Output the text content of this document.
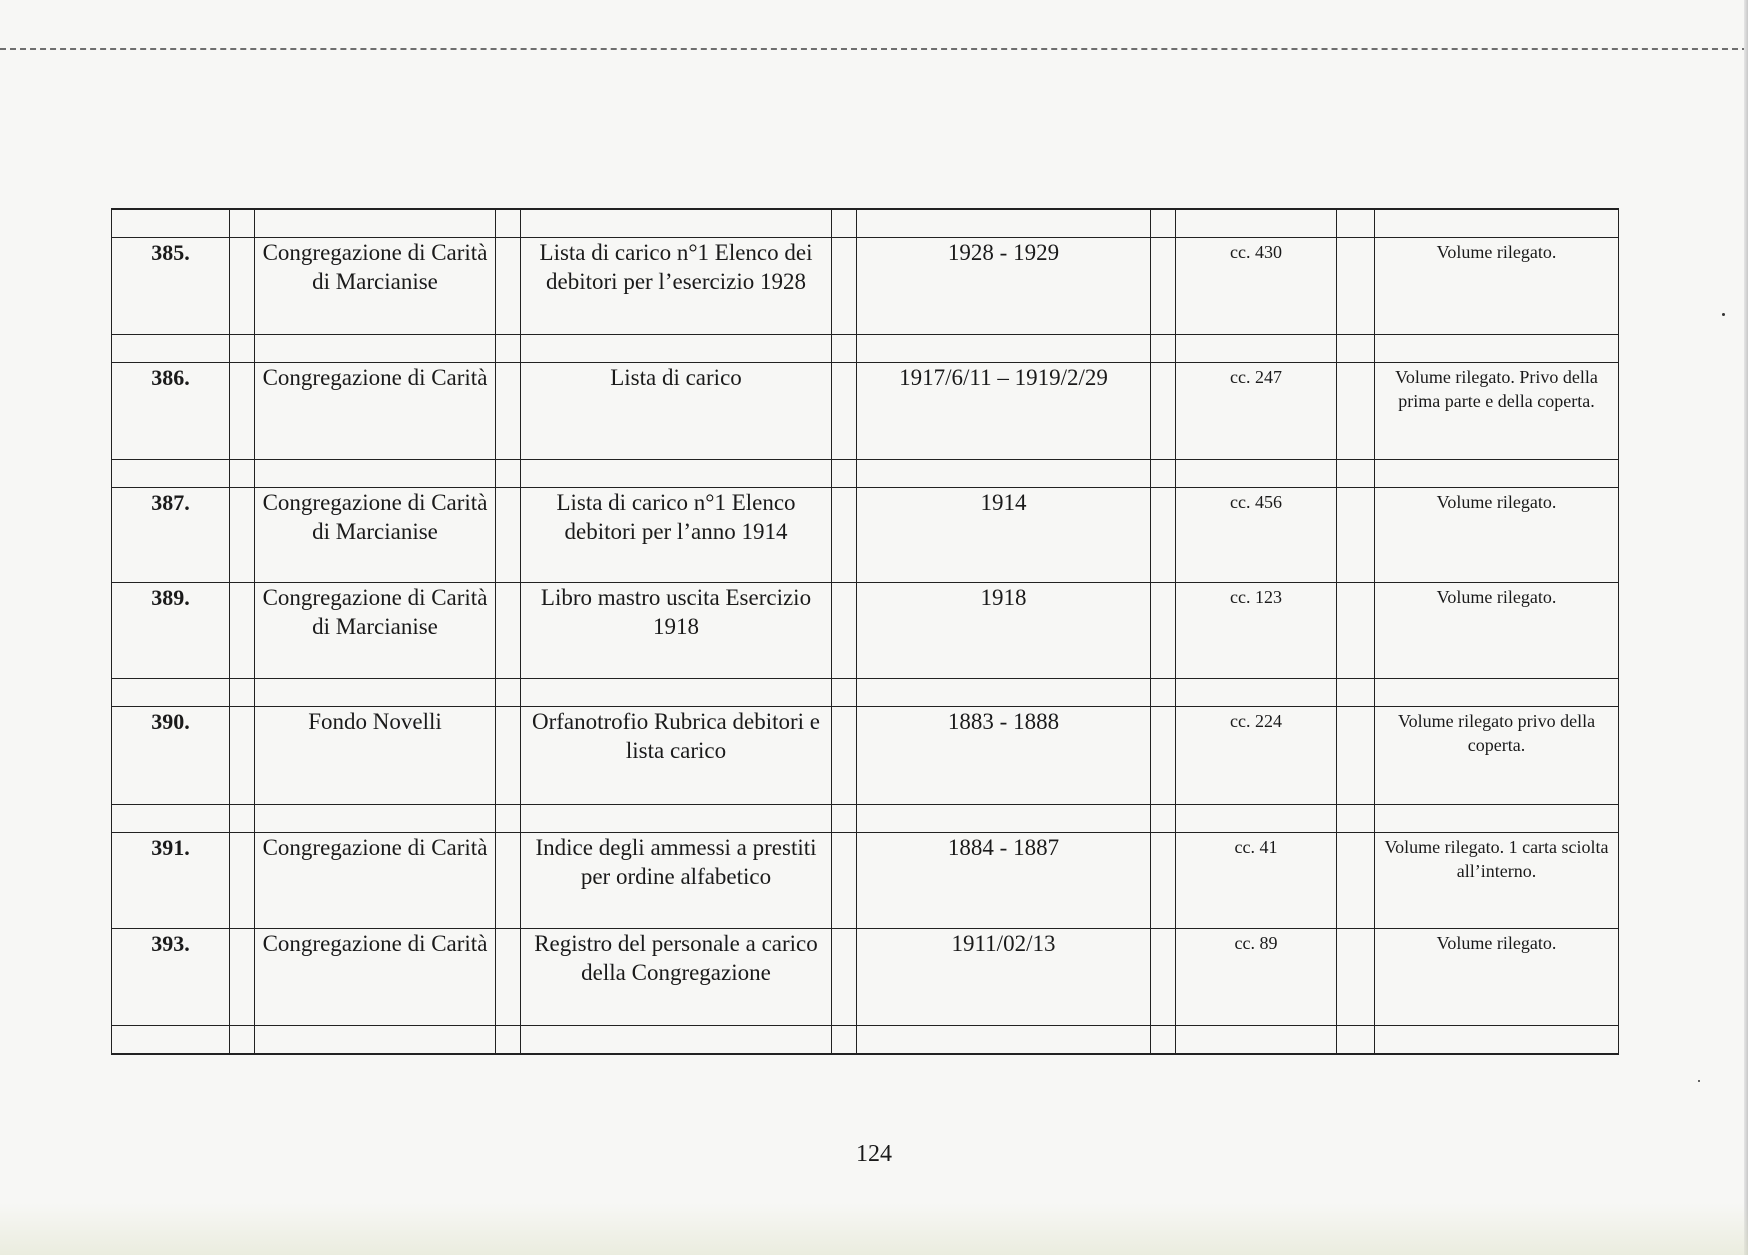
385.		Congregazione di Carità di Marcianise		Lista di carico n°1 Elenco dei debitori per l’esercizio 1928		1928 - 1929		cc. 430		Volume rilegato.

386.		Congregazione di Carità		Lista di carico		1917/6/11 – 1919/2/29		cc. 247		Volume rilegato. Privo della prima parte e della coperta.

387.		Congregazione di Carità di Marcianise		Lista di carico n°1 Elenco debitori per l’anno 1914		1914		cc. 456		Volume rilegato.
389.		Congregazione di Carità di Marcianise		Libro mastro uscita Esercizio 1918		1918		cc. 123		Volume rilegato.

390.		Fondo Novelli		Orfanotrofio Rubrica debitori e lista carico		1883 - 1888		cc. 224		Volume rilegato privo della coperta.

391.		Congregazione di Carità		Indice degli ammessi a prestiti per ordine alfabetico		1884 - 1887		cc. 41		Volume rilegato. 1 carta sciolta all’interno.
393.		Congregazione di Carità		Registro del personale a carico della Congregazione		1911/02/13		cc. 89		Volume rilegato.

124
